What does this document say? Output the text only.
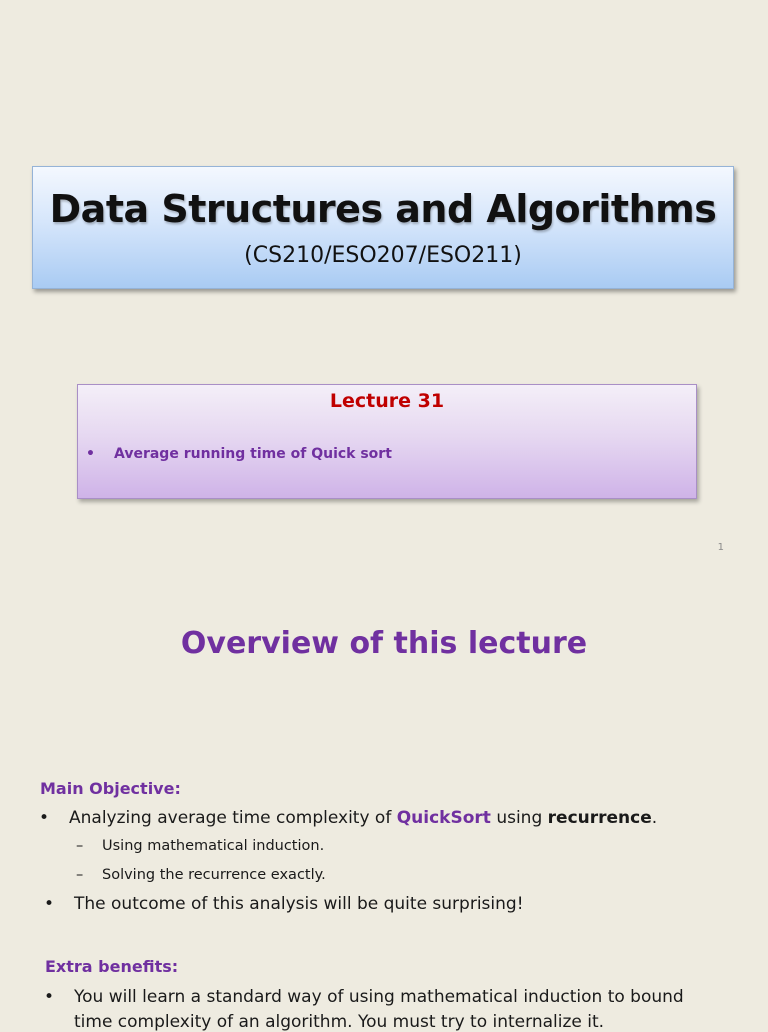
Data Structures and Algorithms
(CS210/ESO207/ESO211)
Lecture 31
• Average running time of Quick sort
1
Overview of this lecture
Main Objective:
• Analyzing average time complexity of QuickSort using recurrence.
– Using mathematical induction.
– Solving the recurrence exactly.
• The outcome of this analysis will be quite surprising!
Extra benefits:
• You will learn a standard way of using mathematical induction to bound
time complexity of an algorithm. You must try to internalize it.
